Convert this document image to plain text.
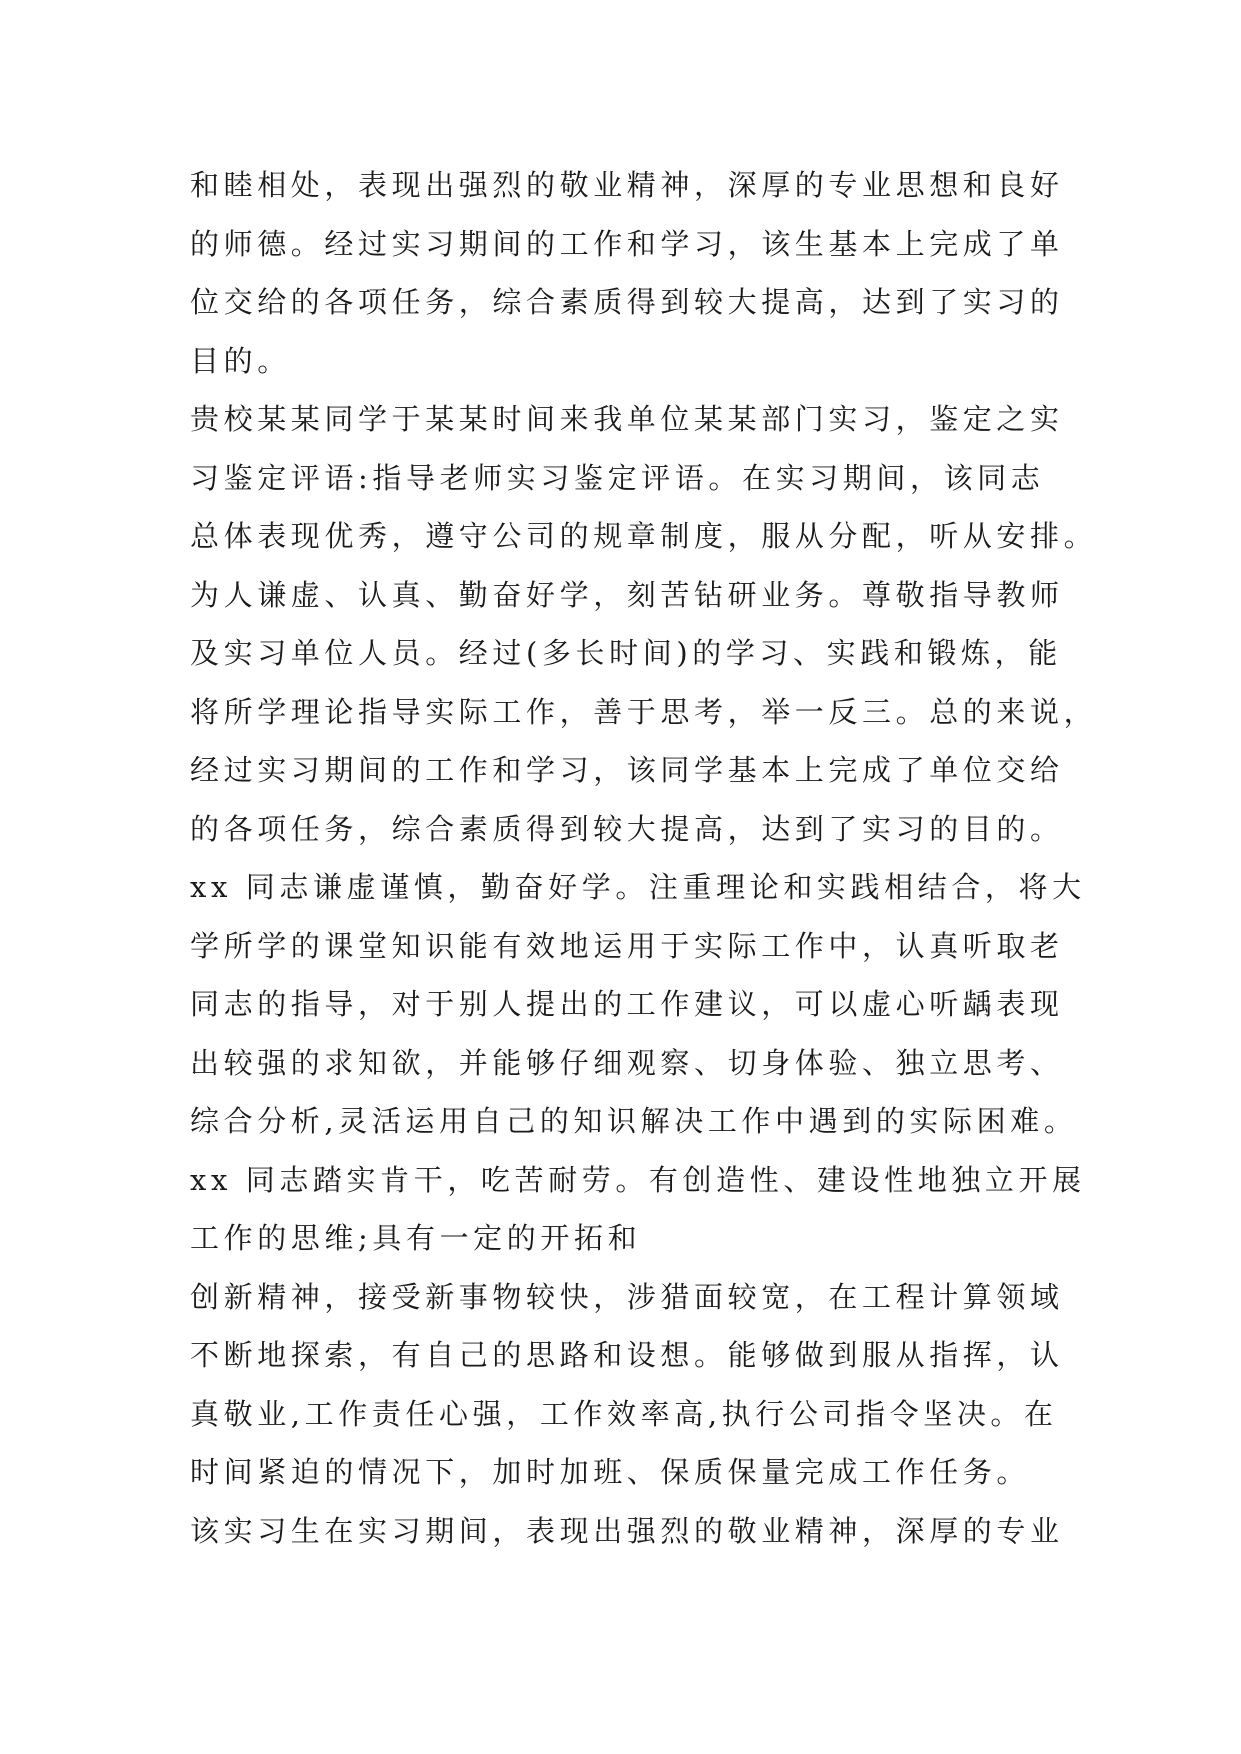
和睦相处，表现出强烈的敬业精神，深厚的专业思想和良好
的师德。经过实习期间的工作和学习，该生基本上完成了单
位交给的各项任务，综合素质得到较大提高，达到了实习的
目的。
贵校某某同学于某某时间来我单位某某部门实习，鉴定之实
习鉴定评语:指导老师实习鉴定评语。在实习期间，该同志
总体表现优秀，遵守公司的规章制度，服从分配，听从安排。
为人谦虚、认真、勤奋好学，刻苦钻研业务。尊敬指导教师
及实习单位人员。经过(多长时间)的学习、实践和锻炼，能
将所学理论指导实际工作，善于思考，举一反三。总的来说，
经过实习期间的工作和学习，该同学基本上完成了单位交给
的各项任务，综合素质得到较大提高，达到了实习的目的。
xx 同志谦虚谨慎，勤奋好学。注重理论和实践相结合，将大
学所学的课堂知识能有效地运用于实际工作中，认真听取老
同志的指导，对于别人提出的工作建议，可以虚心听龋表现
出较强的求知欲，并能够仔细观察、切身体验、独立思考、
综合分析,灵活运用自己的知识解决工作中遇到的实际困难。
xx 同志踏实肯干，吃苦耐劳。有创造性、建设性地独立开展
工作的思维;具有一定的开拓和
创新精神，接受新事物较快，涉猎面较宽，在工程计算领域
不断地探索，有自己的思路和设想。能够做到服从指挥，认
真敬业,工作责任心强，工作效率高,执行公司指令坚决。在
时间紧迫的情况下，加时加班、保质保量完成工作任务。
该实习生在实习期间，表现出强烈的敬业精神，深厚的专业
